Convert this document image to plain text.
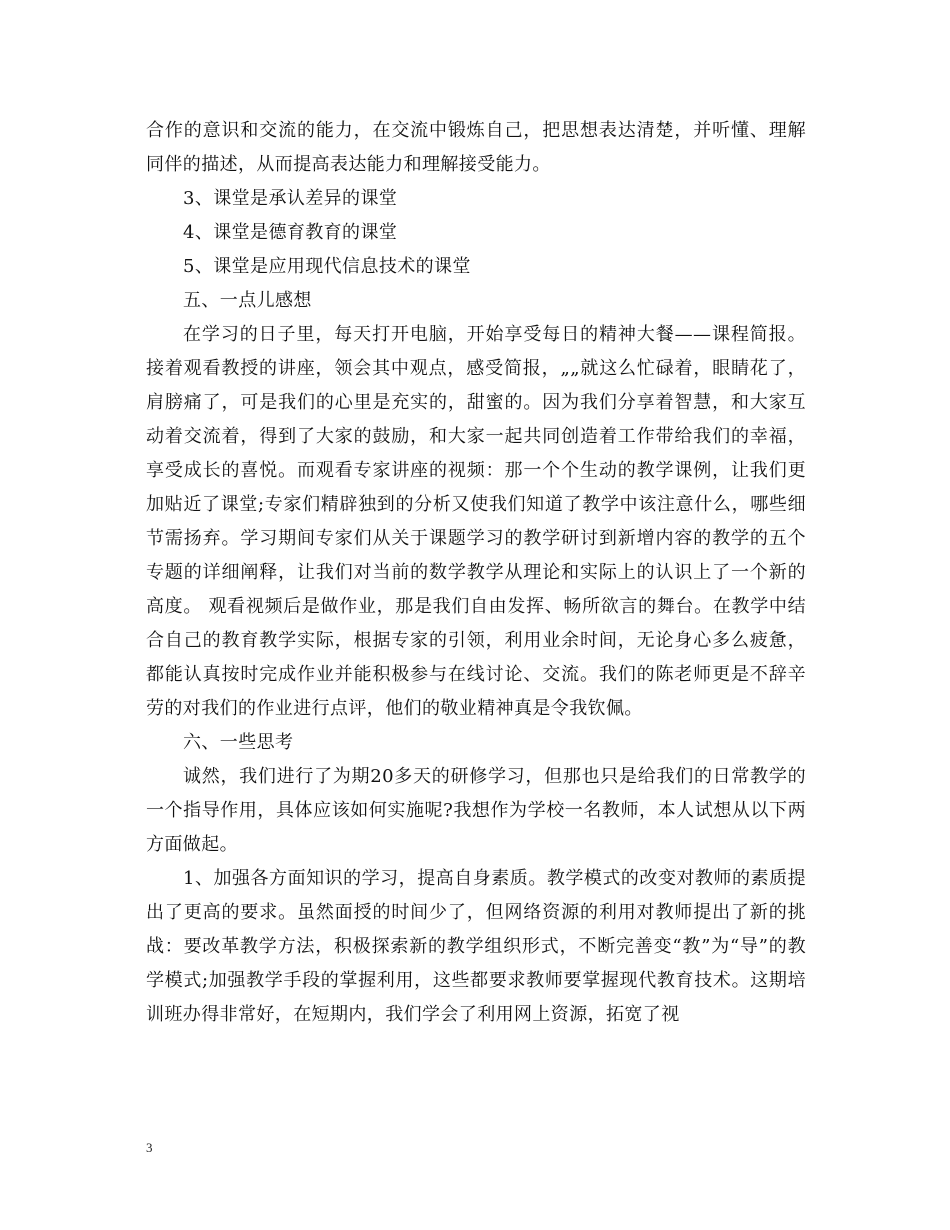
合作的意识和交流的能力，在交流中锻炼自己，把思想表达清楚，并听懂、理解同伴的描述，从而提高表达能力和理解接受能力。

3、课堂是承认差异的课堂

4、课堂是德育教育的课堂

5、课堂是应用现代信息技术的课堂

五、一点儿感想

在学习的日子里，每天打开电脑，开始享受每日的精神大餐——课程简报。接着观看教授的讲座，领会其中观点，感受简报，„„就这么忙碌着，眼睛花了，肩膀痛了，可是我们的心里是充实的，甜蜜的。因为我们分享着智慧，和大家互动着交流着，得到了大家的鼓励，和大家一起共同创造着工作带给我们的幸福，享受成长的喜悦。而观看专家讲座的视频：那一个个生动的教学课例，让我们更加贴近了课堂;专家们精辟独到的分析又使我们知道了教学中该注意什么，哪些细节需扬弃。学习期间专家们从关于课题学习的教学研讨到新增内容的教学的五个专题的详细阐释，让我们对当前的数学教学从理论和实际上的认识上了一个新的高度。 观看视频后是做作业，那是我们自由发挥、畅所欲言的舞台。在教学中结合自己的教育教学实际，根据专家的引领，利用业余时间，无论身心多么疲惫，都能认真按时完成作业并能积极参与在线讨论、交流。我们的陈老师更是不辞辛劳的对我们的作业进行点评，他们的敬业精神真是令我钦佩。

六、一些思考

诚然，我们进行了为期20多天的研修学习，但那也只是给我们的日常教学的一个指导作用，具体应该如何实施呢?我想作为学校一名教师，本人试想从以下两方面做起。

1、加强各方面知识的学习，提高自身素质。教学模式的改变对教师的素质提出了更高的要求。虽然面授的时间少了，但网络资源的利用对教师提出了新的挑战：要改革教学方法，积极探索新的教学组织形式，不断完善变“教”为“导”的教学模式;加强教学手段的掌握利用，这些都要求教师要掌握现代教育技术。这期培训班办得非常好，在短期内，我们学会了利用网上资源，拓宽了视

3
